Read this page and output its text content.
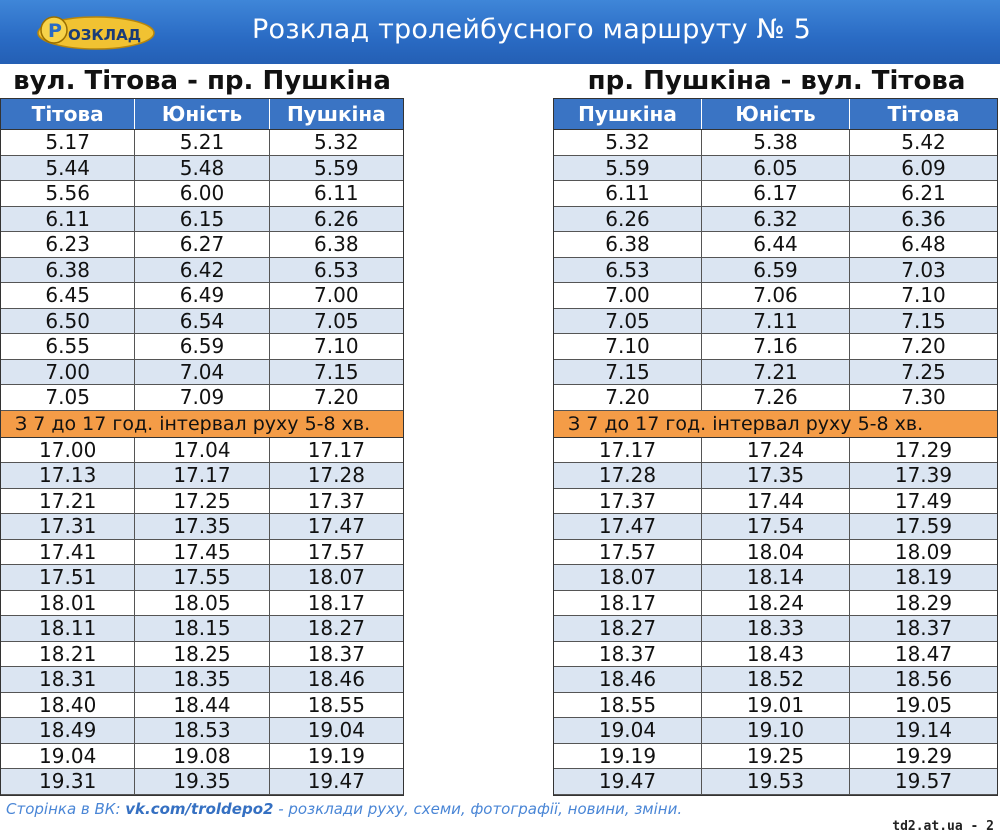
Р ОЗКЛАД	Розклад тролейбусного маршруту № 5
вул. Тітова - пр. Пушкіна
Тітова	Юність	Пушкіна
5.17	5.21	5.32
5.44	5.48	5.59
5.56	6.00	6.11
6.11	6.15	6.26
6.23	6.27	6.38
6.38	6.42	6.53
6.45	6.49	7.00
6.50	6.54	7.05
6.55	6.59	7.10
7.00	7.04	7.15
7.05	7.09	7.20
З 7 до 17 год. інтервал руху 5-8 хв.
17.00	17.04	17.17
17.13	17.17	17.28
17.21	17.25	17.37
17.31	17.35	17.47
17.41	17.45	17.57
17.51	17.55	18.07
18.01	18.05	18.17
18.11	18.15	18.27
18.21	18.25	18.37
18.31	18.35	18.46
18.40	18.44	18.55
18.49	18.53	19.04
19.04	19.08	19.19
19.31	19.35	19.47
пр. Пушкіна - вул. Тітова
Пушкіна	Юність	Тітова
5.32	5.38	5.42
5.59	6.05	6.09
6.11	6.17	6.21
6.26	6.32	6.36
6.38	6.44	6.48
6.53	6.59	7.03
7.00	7.06	7.10
7.05	7.11	7.15
7.10	7.16	7.20
7.15	7.21	7.25
7.20	7.26	7.30
З 7 до 17 год. інтервал руху 5-8 хв.
17.17	17.24	17.29
17.28	17.35	17.39
17.37	17.44	17.49
17.47	17.54	17.59
17.57	18.04	18.09
18.07	18.14	18.19
18.17	18.24	18.29
18.27	18.33	18.37
18.37	18.43	18.47
18.46	18.52	18.56
18.55	19.01	19.05
19.04	19.10	19.14
19.19	19.25	19.29
19.47	19.53	19.57
Сторінка в ВК: vk.com/troldepo2 - розклади руху, схеми, фотографії, новини, зміни.
td2.at.ua - 2
